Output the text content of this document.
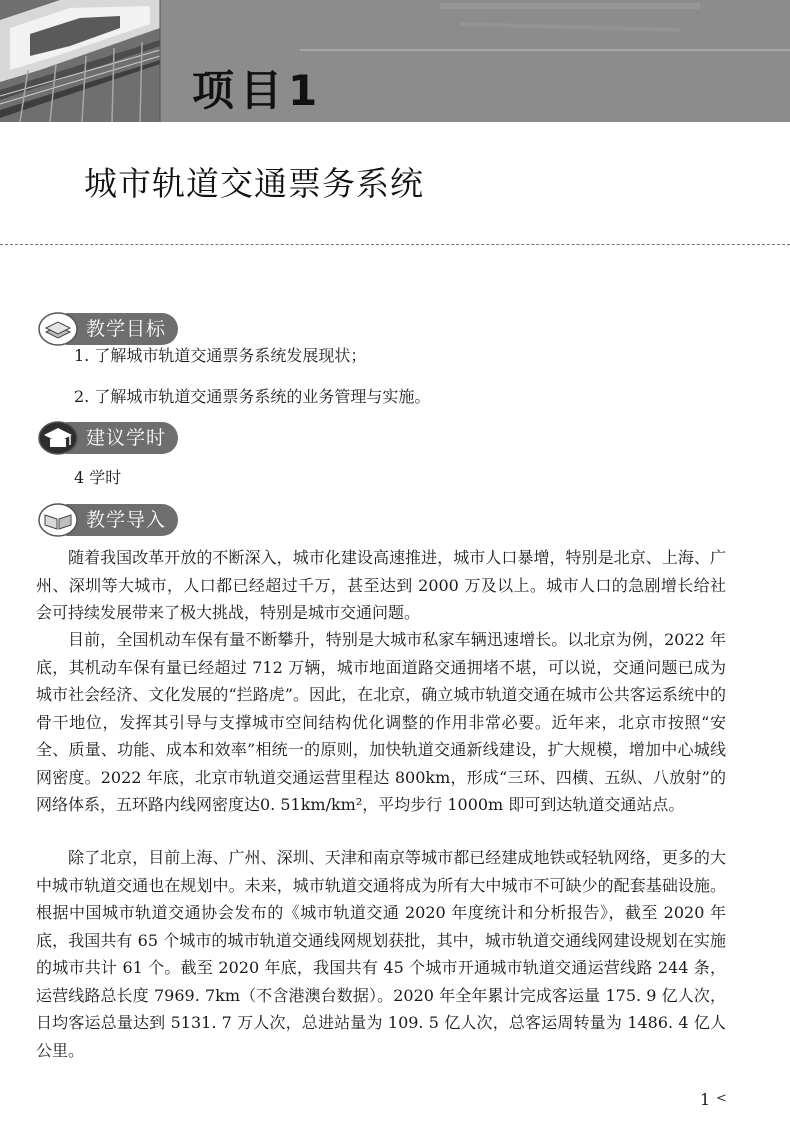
项目1
城市轨道交通票务系统
教学目标
1. 了解城市轨道交通票务系统发展现状；
2. 了解城市轨道交通票务系统的业务管理与实施。
建议学时
4 学时
教学导入

随着我国改革开放的不断深入，城市化建设高速推进，城市人口暴增，特别是北京、上海、广州、深圳等大城市，人口都已经超过千万，甚至达到 2000 万及以上。城市人口的急剧增长给社会可持续发展带来了极大挑战，特别是城市交通问题。

目前，全国机动车保有量不断攀升，特别是大城市私家车辆迅速增长。以北京为例，2022 年底，其机动车保有量已经超过 712 万辆，城市地面道路交通拥堵不堪，可以说，交通问题已成为城市社会经济、文化发展的“拦路虎”。因此，在北京，确立城市轨道交通在城市公共客运系统中的骨干地位，发挥其引导与支撑城市空间结构优化调整的作用非常必要。近年来，北京市按照“安全、质量、功能、成本和效率”相统一的原则，加快轨道交通新线建设，扩大规模，增加中心城线网密度。2022 年底，北京市轨道交通运营里程达 800km，形成“三环、四横、五纵、八放射”的网络体系，五环路内线网密度达0. 51km/km²，平均步行 1000m 即可到达轨道交通站点。

除了北京，目前上海、广州、深圳、天津和南京等城市都已经建成地铁或轻轨网络，更多的大中城市轨道交通也在规划中。未来，城市轨道交通将成为所有大中城市不可缺少的配套基础设施。根据中国城市轨道交通协会发布的《城市轨道交通 2020 年度统计和分析报告》，截至 2020 年底，我国共有 65 个城市的城市轨道交通线网规划获批，其中，城市轨道交通线网建设规划在实施的城市共计 61 个。截至 2020 年底，我国共有 45 个城市开通城市轨道交通运营线路 244 条，运营线路总长度 7969. 7km（不含港澳台数据）。2020 年全年累计完成客运量 175. 9 亿人次，日均客运总量达到 5131. 7 万人次，总进站量为 109. 5 亿人次，总客运周转量为 1486. 4 亿人公里。

1 <
